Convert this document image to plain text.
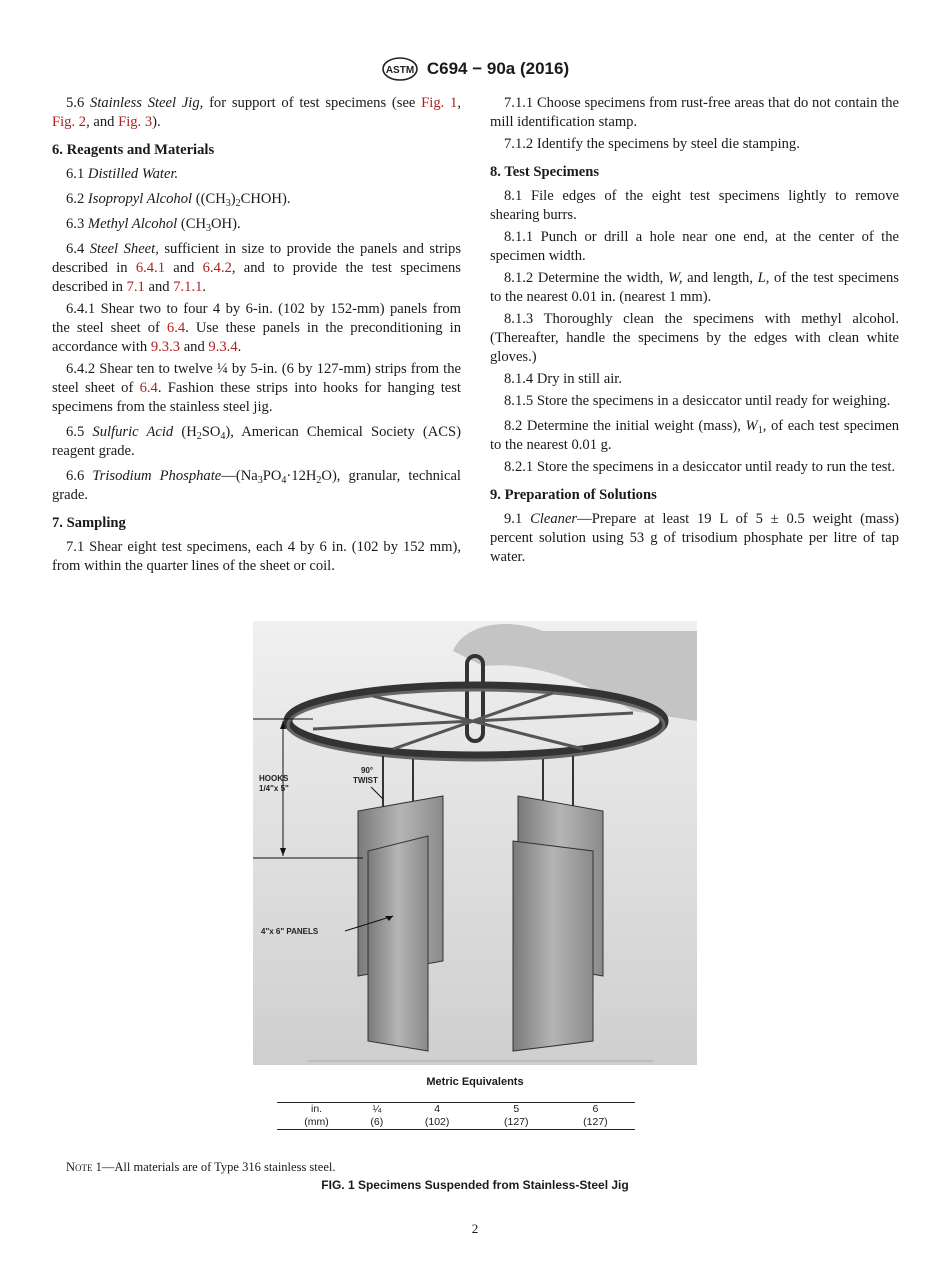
ASTM C694 − 90a (2016)

5.6 Stainless Steel Jig, for support of test specimens (see Fig. 1, Fig. 2, and Fig. 3).

6. Reagents and Materials

6.1 Distilled Water.

6.2 Isopropyl Alcohol $((CH_3)_2CHOH)$.

6.3 Methyl Alcohol $(CH_3OH)$.

6.4 Steel Sheet, sufficient in size to provide the panels and strips described in 6.4.1 and 6.4.2, and to provide the test specimens described in 7.1 and 7.1.1.

6.4.1 Shear two to four 4 by 6-in. (102 by 152-mm) panels from the steel sheet of 6.4. Use these panels in the preconditioning in accordance with 9.3.3 and 9.3.4.

6.4.2 Shear ten to twelve ¼ by 5-in. (6 by 127-mm) strips from the steel sheet of 6.4. Fashion these strips into hooks for hanging test specimens from the stainless steel jig.

6.5 Sulfuric Acid $(H_2SO_4)$, American Chemical Society (ACS) reagent grade.

6.6 Trisodium $Phosphate—(Na_3PO_4\cdot 12H_2O)$, granular, technical grade.

7. Sampling

7.1 Shear eight test specimens, each 4 by 6 in. (102 by 152 mm), from within the quarter lines of the sheet or coil.

7.1.1 Choose specimens from rust-free areas that do not contain the mill identification stamp.

7.1.2 Identify the specimens by steel die stamping.

8. Test Specimens

8.1 File edges of the eight test specimens lightly to remove shearing burrs.

8.1.1 Punch or drill a hole near one end, at the center of the specimen width.

8.1.2 Determine the width, W, and length, L, of the test specimens to the nearest 0.01 in. (nearest 1 mm).

8.1.3 Thoroughly clean the specimens with methyl alcohol. (Thereafter, handle the specimens by the edges with clean white gloves.)

8.1.4 Dry in still air.

8.1.5 Store the specimens in a desiccator until ready for weighing.

8.2 Determine the initial weight (mass), $W_1$, of each test specimen to the nearest 0.01 g.

8.2.1 Store the specimens in a desiccator until ready to run the test.

9. Preparation of Solutions

9.1 Cleaner—Prepare at least 19 L of 5 ± 0.5 weight (mass) percent solution using 53 g of trisodium phosphate per litre of tap water.

HOOKS
1/4"x 5"
90°
TWIST
4"x 6" PANELS
Metric Equivalents
in.	¼	4	5	6
(mm)	(6)	(102)	(127)	(127)
Note 1—All materials are of Type 316 stainless steel.
FIG. 1 Specimens Suspended from Stainless-Steel Jig
2
